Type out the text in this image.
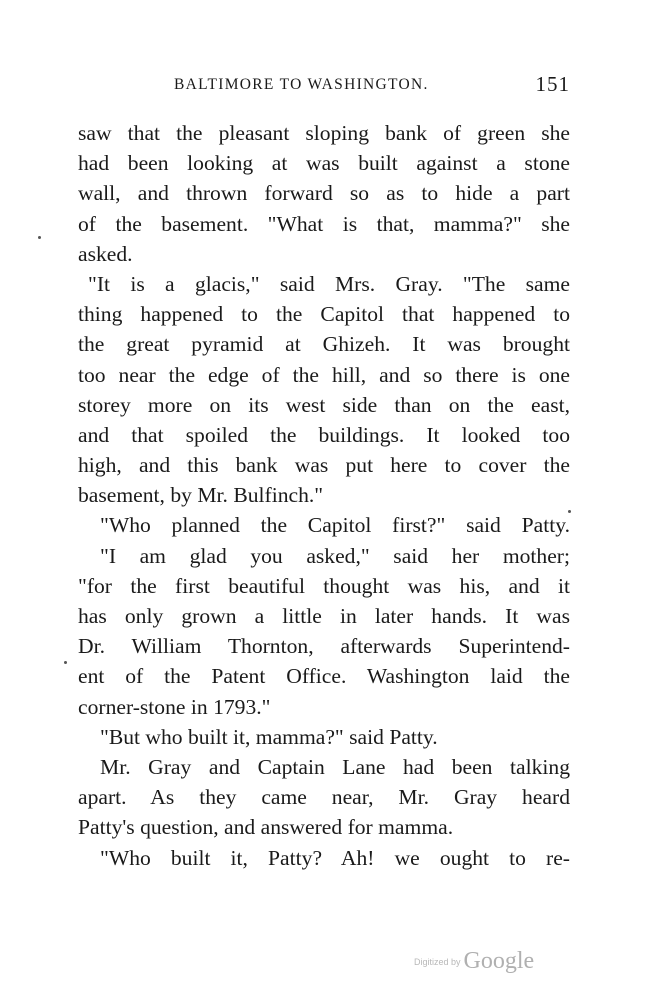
BALTIMORE TO WASHINGTON.	151
saw that the pleasant sloping bank of green she
had been looking at was built against a stone
wall, and thrown forward so as to hide a part
of the basement. "What is that, mamma?" she
asked.
"It is a glacis," said Mrs. Gray. "The same
thing happened to the Capitol that happened to
the great pyramid at Ghizeh. It was brought
too near the edge of the hill, and so there is one
storey more on its west side than on the east,
and that spoiled the buildings. It looked too
high, and this bank was put here to cover the
basement, by Mr. Bulfinch."
"Who planned the Capitol first?" said Patty.
"I am glad you asked," said her mother;
"for the first beautiful thought was his, and it
has only grown a little in later hands. It was
Dr. William Thornton, afterwards Superintend-
ent of the Patent Office. Washington laid the
corner-stone in 1793."
"But who built it, mamma?" said Patty.
Mr. Gray and Captain Lane had been talking
apart. As they came near, Mr. Gray heard
Patty's question, and answered for mamma.
"Who built it, Patty? Ah! we ought to re-
Digitized by Google
